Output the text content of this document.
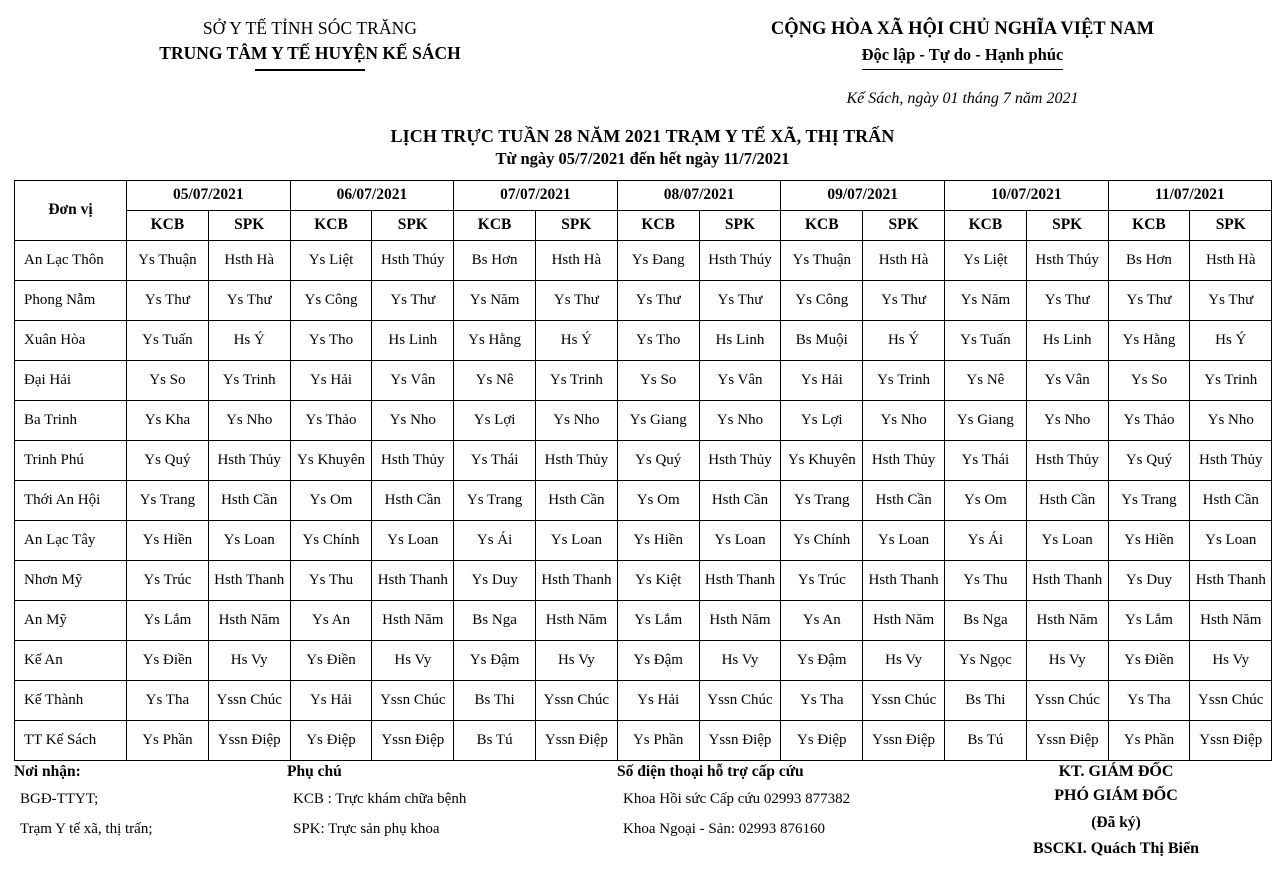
SỞ Y TẾ TỈNH SÓC TRĂNG
TRUNG TÂM Y TẾ HUYỆN KẾ SÁCH
CỘNG HÒA XÃ HỘI CHỦ NGHĨA VIỆT NAM
Độc lập - Tự do - Hạnh phúc
Kế Sách, ngày 01 tháng 7 năm 2021
LỊCH TRỰC TUẦN 28 NĂM 2021 TRẠM Y TẾ XÃ, THỊ TRẤN
Từ ngày 05/7/2021 đến hết ngày 11/7/2021
Đơn vị	05/07/2021		06/07/2021		07/07/2021		08/07/2021		09/07/2021		10/07/2021		11/07/2021	
	KCB	SPK	KCB	SPK	KCB	SPK	KCB	SPK	KCB	SPK	KCB	SPK	KCB	SPK
An Lạc Thôn	Ys Thuận	Hsth Hà	Ys Liệt	Hsth Thúy	Bs Hơn	Hsth Hà	Ys Đang	Hsth Thúy	Ys Thuận	Hsth Hà	Ys Liệt	Hsth Thúy	Bs Hơn	Hsth Hà
Phong Nẫm	Ys Thư	Ys Thư	Ys Công	Ys Thư	Ys Năm	Ys Thư	Ys Thư	Ys Thư	Ys Công	Ys Thư	Ys Năm	Ys Thư	Ys Thư	Ys Thư
Xuân Hòa	Ys Tuấn	Hs Ý	Ys Tho	Hs Linh	Ys Hằng	Hs Ý	Ys Tho	Hs Linh	Bs Muội	Hs Ý	Ys Tuấn	Hs Linh	Ys Hằng	Hs Ý
Đại Hải	Ys So	Ys Trinh	Ys Hải	Ys Vân	Ys Nê	Ys Trinh	Ys So	Ys Vân	Ys Hải	Ys Trinh	Ys Nê	Ys Vân	Ys So	Ys Trinh
Ba Trinh	Ys Kha	Ys Nho	Ys Thảo	Ys Nho	Ys Lợi	Ys Nho	Ys Giang	Ys Nho	Ys Lợi	Ys Nho	Ys Giang	Ys Nho	Ys Thảo	Ys Nho
Trinh Phú	Ys Quý	Hsth Thủy	Ys Khuyên	Hsth Thủy	Ys Thái	Hsth Thủy	Ys Quý	Hsth Thủy	Ys Khuyên	Hsth Thủy	Ys Thái	Hsth Thủy	Ys Quý	Hsth Thủy
Thới An Hội	Ys Trang	Hsth Cần	Ys Om	Hsth Cần	Ys Trang	Hsth Cần	Ys Om	Hsth Cần	Ys Trang	Hsth Cần	Ys Om	Hsth Cần	Ys Trang	Hsth Cần
An Lạc Tây	Ys Hiền	Ys Loan	Ys Chính	Ys Loan	Ys Ái	Ys Loan	Ys Hiền	Ys Loan	Ys Chính	Ys Loan	Ys Ái	Ys Loan	Ys Hiền	Ys Loan
Nhơn Mỹ	Ys Trúc	Hsth Thanh	Ys Thu	Hsth Thanh	Ys Duy	Hsth Thanh	Ys Kiệt	Hsth Thanh	Ys Trúc	Hsth Thanh	Ys Thu	Hsth Thanh	Ys Duy	Hsth Thanh
An Mỹ	Ys Lắm	Hsth Năm	Ys An	Hsth Năm	Bs Nga	Hsth Năm	Ys Lắm	Hsth Năm	Ys An	Hsth Năm	Bs Nga	Hsth Năm	Ys Lắm	Hsth Năm
Kế An	Ys Điền	Hs Vy	Ys Điền	Hs Vy	Ys Đậm	Hs Vy	Ys Đậm	Hs Vy	Ys Đậm	Hs Vy	Ys Ngọc	Hs Vy	Ys Điền	Hs Vy
Kế Thành	Ys Tha	Yssn Chúc	Ys Hải	Yssn Chúc	Bs Thi	Yssn Chúc	Ys Hải	Yssn Chúc	Ys Tha	Yssn Chúc	Bs Thi	Yssn Chúc	Ys Tha	Yssn Chúc
TT Kế Sách	Ys Phần	Yssn Điệp	Ys Điệp	Yssn Điệp	Bs Tú	Yssn Điệp	Ys Phần	Yssn Điệp	Ys Điệp	Yssn Điệp	Bs Tú	Yssn Điệp	Ys Phần	Yssn Điệp
Nơi nhận:
BGĐ-TTYT;
Trạm Y tế xã, thị trấn;
Phụ chú
KCB : Trực khám chữa bệnh
SPK: Trực sản phụ khoa
Số điện thoại hỗ trợ cấp cứu
Khoa Hồi sức Cấp cứu 02993 877382
Khoa Ngoại - Sản: 02993 876160
KT. GIÁM ĐỐC
PHÓ GIÁM ĐỐC
(Đã ký)
BSCKI. Quách Thị Biển
